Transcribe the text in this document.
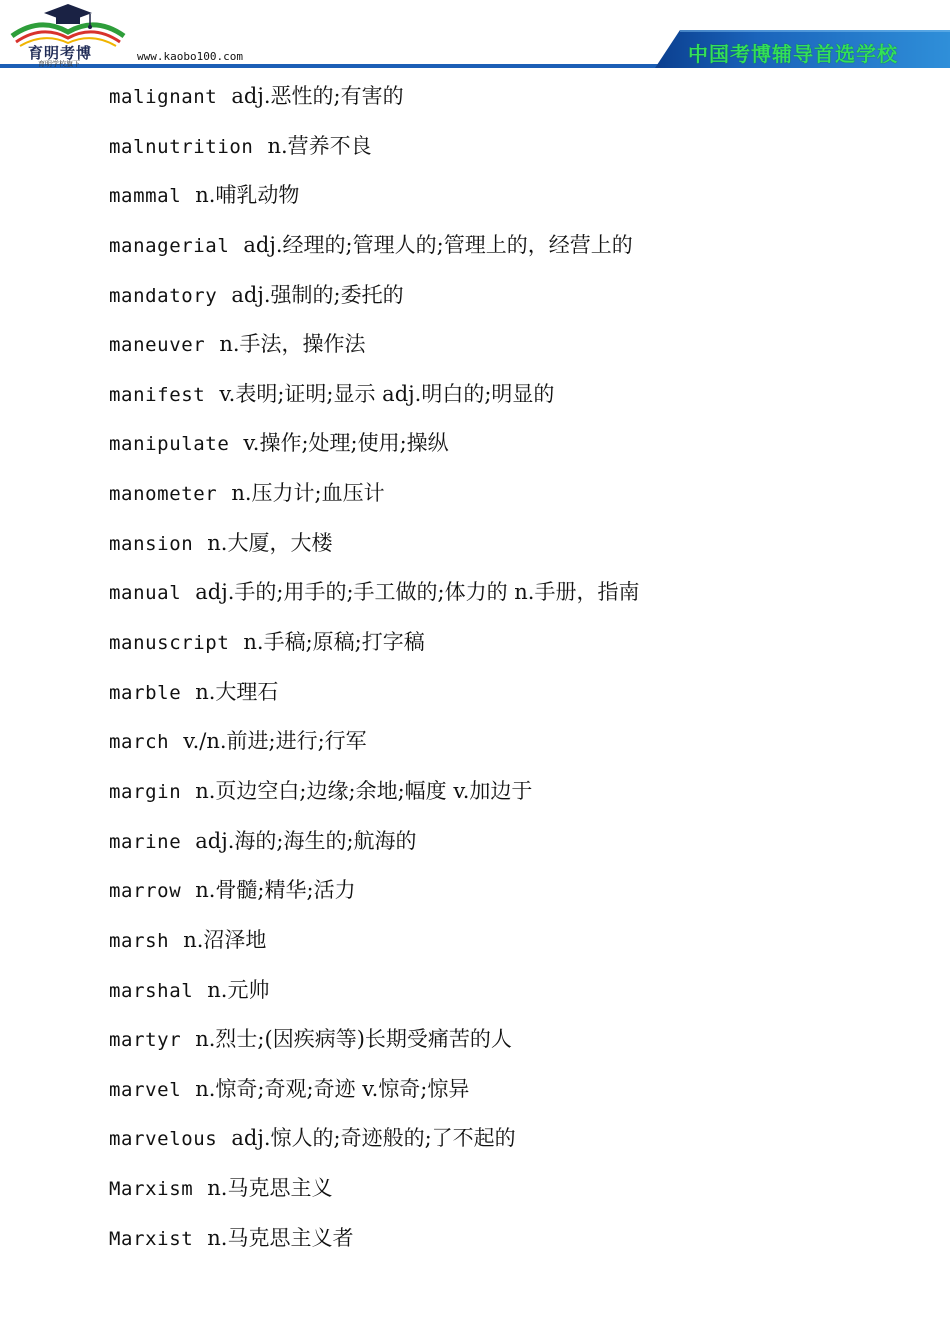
育明考博
育明学校旗下
www.kaobo100.com	中国考博辅导首选学校
malignant adj.恶性的;有害的
malnutrition n.营养不良
mammal n.哺乳动物
managerial adj.经理的;管理人的;管理上的，经营上的
mandatory adj.强制的;委托的
maneuver n.手法，操作法
manifest v.表明;证明;显示 adj.明白的;明显的
manipulate v.操作;处理;使用;操纵
manometer n.压力计;血压计
mansion n.大厦，大楼
manual adj.手的;用手的;手工做的;体力的 n.手册，指南
manuscript n.手稿;原稿;打字稿
marble n.大理石
march v./n.前进;进行;行军
margin n.页边空白;边缘;余地;幅度 v.加边于
marine adj.海的;海生的;航海的
marrow n.骨髓;精华;活力
marsh n.沼泽地
marshal n.元帅
martyr n.烈士;(因疾病等)长期受痛苦的人
marvel n.惊奇;奇观;奇迹 v.惊奇;惊异
marvelous adj.惊人的;奇迹般的;了不起的
Marxism n.马克思主义
Marxist n.马克思主义者
